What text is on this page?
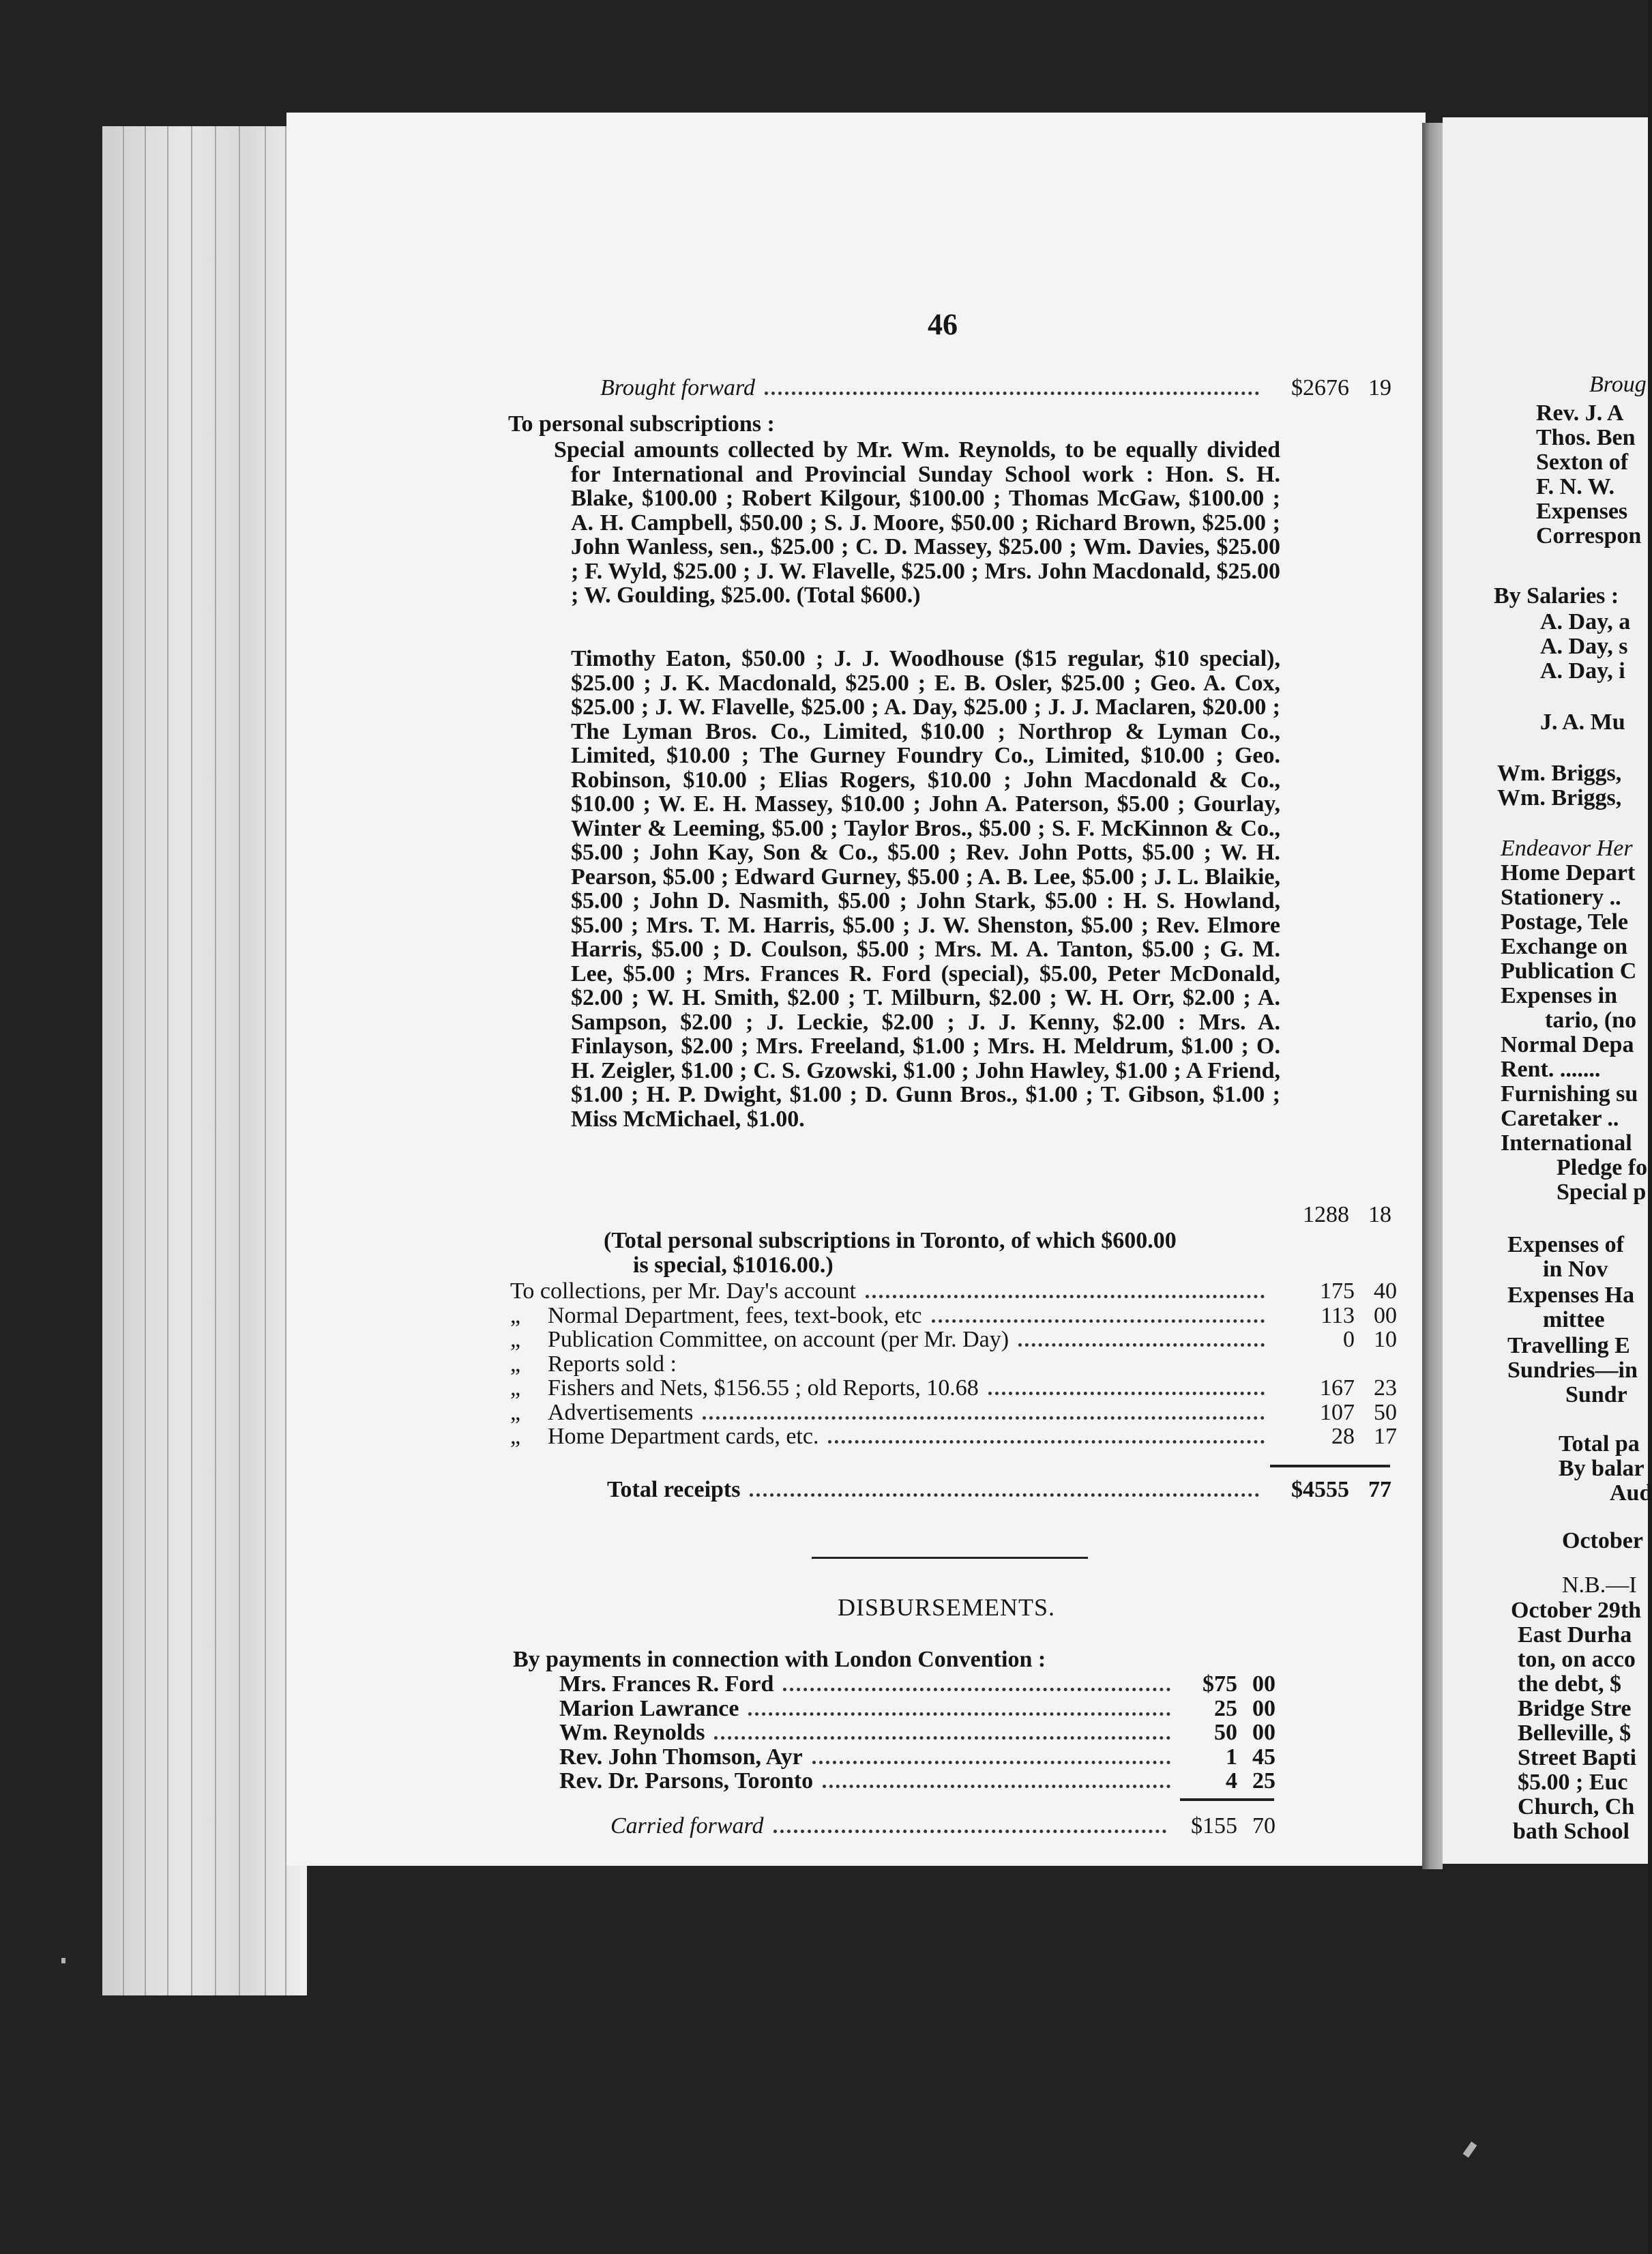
46
Brought forward	$2676 19
To personal subscriptions :
Special amounts collected by Mr. Wm. Reynolds, to be equally divided for International and Provincial Sunday School work : Hon. S. H. Blake, $100.00 ; Robert Kilgour, $100.00 ; Thomas McGaw, $100.00 ; A. H. Campbell, $50.00 ; S. J. Moore, $50.00 ; Richard Brown, $25.00 ; John Wanless, sen., $25.00 ; C. D. Massey, $25.00 ; Wm. Davies, $25.00 ; F. Wyld, $25.00 ; J. W. Flavelle, $25.00 ; Mrs. John Macdonald, $25.00 ; W. Goulding, $25.00. (Total $600.)
Timothy Eaton, $50.00 ; J. J. Woodhouse ($15 regular, $10 special), $25.00 ; J. K. Macdonald, $25.00 ; E. B. Osler, $25.00 ; Geo. A. Cox, $25.00 ; J. W. Flavelle, $25.00 ; A. Day, $25.00 ; J. J. Maclaren, $20.00 ; The Lyman Bros. Co., Limited, $10.00 ; Northrop & Lyman Co., Limited, $10.00 ; The Gurney Foundry Co., Limited, $10.00 ; Geo. Robinson, $10.00 ; Elias Rogers, $10.00 ; John Macdonald & Co., $10.00 ; W. E. H. Massey, $10.00 ; John A. Paterson, $5.00 ; Gourlay, Winter & Leeming, $5.00 ; Taylor Bros., $5.00 ; S. F. McKinnon & Co., $5.00 ; John Kay, Son & Co., $5.00 ; Rev. John Potts, $5.00 ; W. H. Pearson, $5.00 ; Edward Gurney, $5.00 ; A. B. Lee, $5.00 ; J. L. Blaikie, $5.00 ; John D. Nasmith, $5.00 ; John Stark, $5.00 : H. S. Howland, $5.00 ; Mrs. T. M. Harris, $5.00 ; J. W. Shenston, $5.00 ; Rev. Elmore Harris, $5.00 ; D. Coulson, $5.00 ; Mrs. M. A. Tanton, $5.00 ; G. M. Lee, $5.00 ; Mrs. Frances R. Ford (special), $5.00, Peter McDonald, $2.00 ; W. H. Smith, $2.00 ; T. Milburn, $2.00 ; W. H. Orr, $2.00 ; A. Sampson, $2.00 ; J. Leckie, $2.00 ; J. J. Kenny, $2.00 : Mrs. A. Finlayson, $2.00 ; Mrs. Freeland, $1.00 ; Mrs. H. Meldrum, $1.00 ; O. H. Zeigler, $1.00 ; C. S. Gzowski, $1.00 ; John Hawley, $1.00 ; A Friend, $1.00 ; H. P. Dwight, $1.00 ; D. Gunn Bros., $1.00 ; T. Gibson, $1.00 ; Miss McMichael, $1.00.
1288 18
(Total personal subscriptions in Toronto, of which $600.00
is special, $1016.00.)
To collections, per Mr. Day's account	175 40
„	Normal Department, fees, text-book, etc	113 00
„	Publication Committee, on account (per Mr. Day)	0 10
„	Reports sold :
„	Fishers and Nets, $156.55 ; old Reports, 10.68	167 23
„	Advertisements	107 50
„	Home Department cards, etc.	28 17
Total receipts	$4555 77
DISBURSEMENTS.
By payments in connection with London Convention :
Mrs. Frances R. Ford	$75 00
Marion Lawrance	25 00
Wm. Reynolds	50 00
Rev. John Thomson, Ayr	1 45
Rev. Dr. Parsons, Toronto	4 25
Carried forward	$155 70
Broug
Rev. J. A
Thos. Ben
Sexton of
F. N. W.
Expenses
Correspon
By Salaries :
A. Day, a
A. Day, s
A. Day, i
J. A. Mu
Wm. Briggs,
Wm. Briggs,
Endeavor Her
Home Depart
Stationery ..
Postage, Tele
Exchange on
Publication C
Expenses in
tario, (no
Normal Depa
Rent. .......
Furnishing su
Caretaker ..
International
Pledge fo
Special p
Expenses of
in Nov
Expenses Ha
mittee
Travelling E
Sundries—in
Sundr
Total pa
By balar
Aud
October
N.B.—I
October 29th
East Durha
ton, on acco
the debt, $
Bridge Stre
Belleville, $
Street Bapti
$5.00 ; Euc
Church, Ch
bath School
